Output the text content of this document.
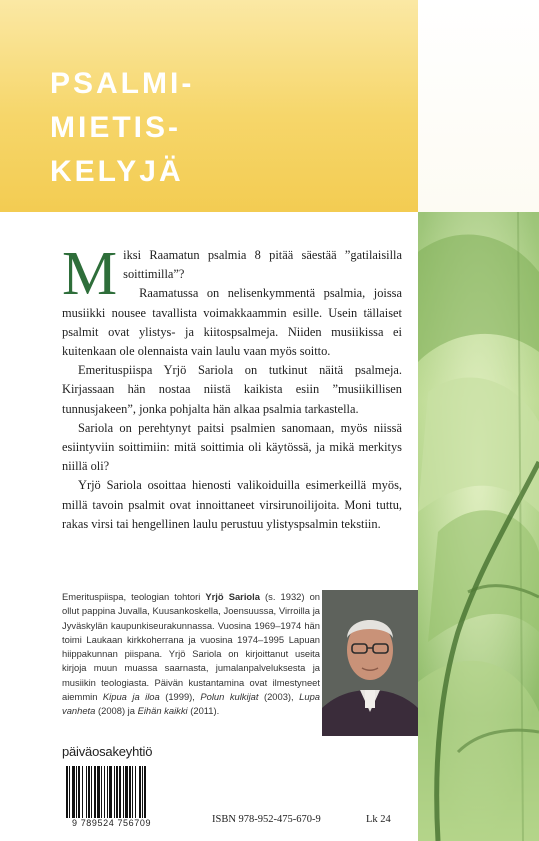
PSALMI-
MIETIS-
KELYJÄ

Miksi Raamatun psalmia 8 pitää säestää ”gatilaisilla soittimilla”?

Raamatussa on nelisenkymmentä psalmia, joissa musiikki nousee tavallista voimakkaammin esille. Usein tällaiset psalmit ovat ylistys- ja kiitospsalmeja. Niiden musiikissa ei kuitenkaan ole olennaista vain laulu vaan myös soitto.

Emerituspiispa Yrjö Sariola on tutkinut näitä psalmeja. Kirjassaan hän nostaa niistä kaikista esiin ”musiikillisen tunnusjakeen”, jonka pohjalta hän alkaa psalmia tarkastella.

Sariola on perehtynyt paitsi psalmien sanomaan, myös niissä esiintyviin soittimiin: mitä soittimia oli käytössä, ja mikä merkitys niillä oli?

Yrjö Sariola osoittaa hienosti valikoiduilla esimerkeillä myös, millä tavoin psalmit ovat innoittaneet virsirunoilijoita. Moni tuttu, rakas virsi tai hengellinen laulu perustuu ylistyspsalmin tekstiin.

Emerituspiispa, teologian tohtori Yrjö Sariola (s. 1932) on ollut pappina Juvalla, Kuusankoskella, Joensuussa, Virroilla ja Jyväskylän kaupunkiseurakunnassa. Vuosina 1969–1974 hän toimi Laukaan kirkkoherrana ja vuosina 1974–1995 Lapuan hiippakunnan piispana. Yrjö Sariola on kirjoittanut useita kirjoja muun muassa saarnasta, jumalanpalveluksesta ja musiikin teologiasta. Päivän kustantamina ovat ilmestyneet aiemmin Kipua ja iloa (1999), Polun kulkijat (2003), Lupa vanheta (2008) ja Eihän kaikki (2011).
päiväosakeyhtiö
9 789524 756709	ISBN 978-952-475-670-9	Lk 24
